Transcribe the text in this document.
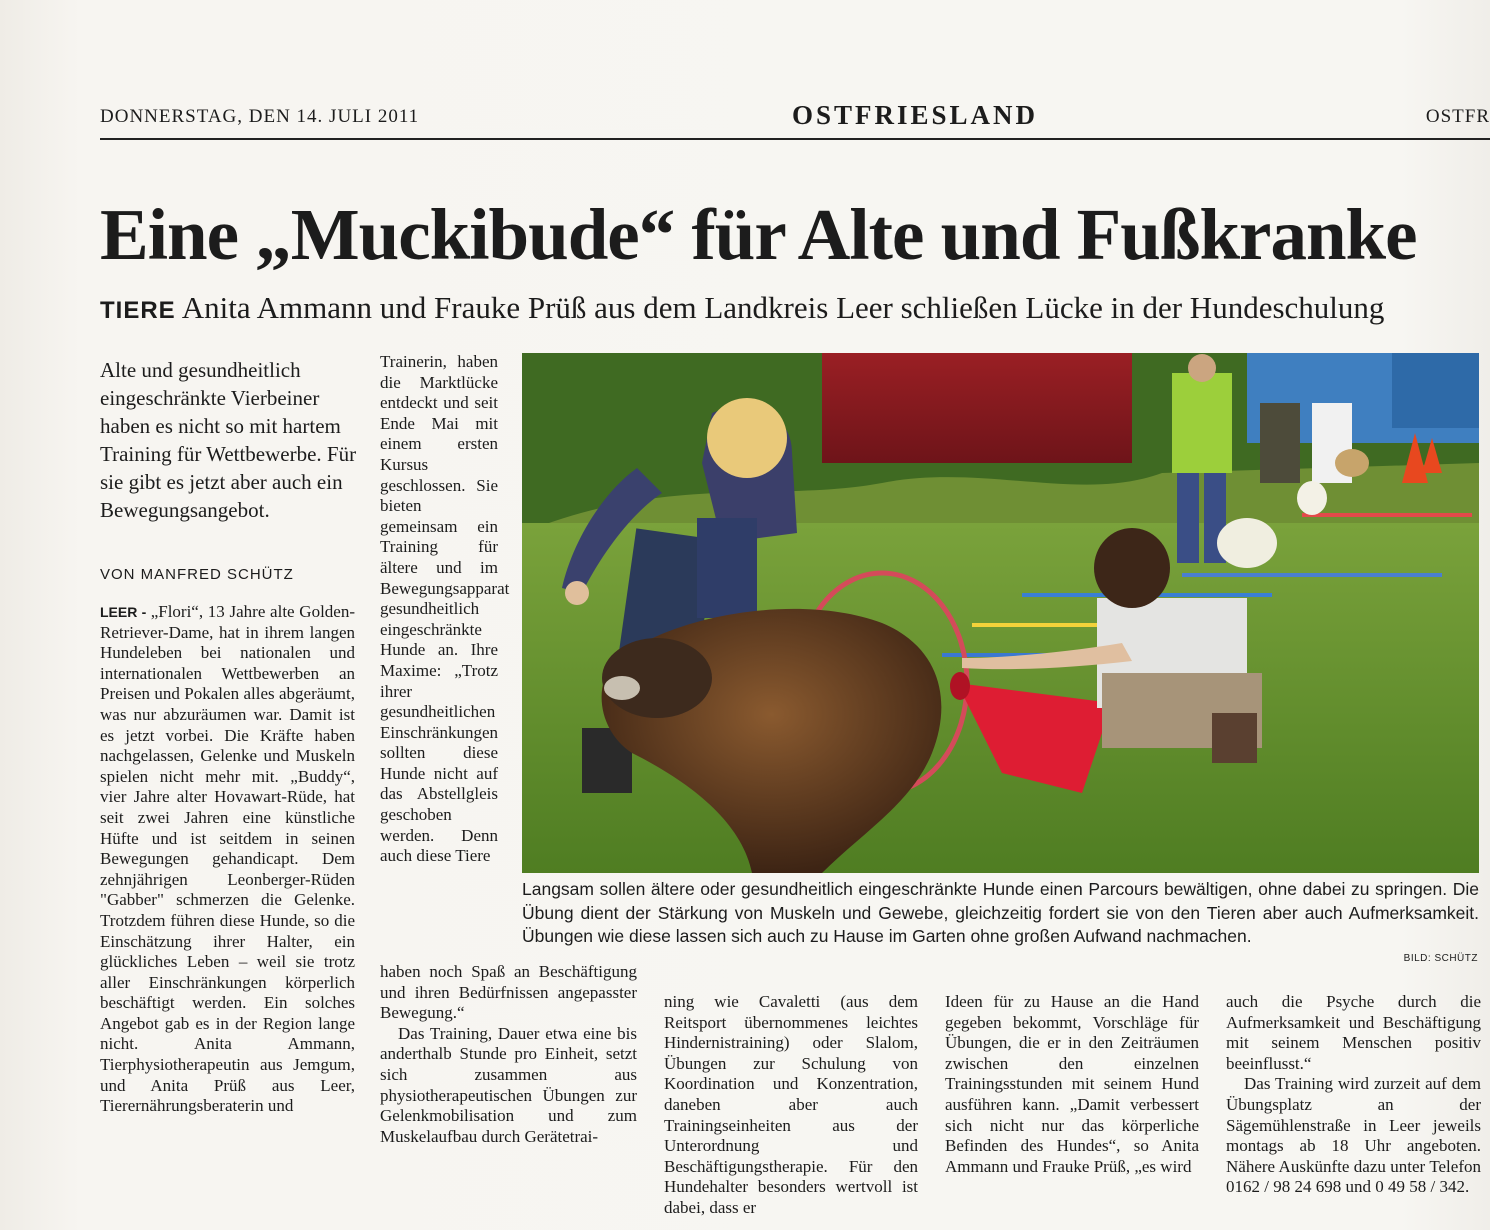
DONNERSTAG, DEN 14. JULI 2011	OSTFRIESLAND	OSTFR
Eine „Muckibude“ für Alte und Fußkranke
TIERE Anita Ammann und Frauke Prüß aus dem Landkreis Leer schließen Lücke in der Hundeschulung

Alte und gesundheitlich eingeschränkte Vierbeiner haben es nicht so mit hartem Training für Wettbewerbe. Für sie gibt es jetzt aber auch ein Bewegungsangebot.

VON MANFRED SCHÜTZ
LEER - „Flori“, 13 Jahre alte Golden-Retriever-Dame, hat in ihrem langen Hundeleben bei nationalen und internationalen Wettbewerben an Preisen und Pokalen alles abgeräumt, was nur abzuräumen war. Damit ist es jetzt vorbei. Die Kräfte haben nachgelassen, Gelenke und Muskeln spielen nicht mehr mit. „Buddy“, vier Jahre alter Hovawart-Rüde, hat seit zwei Jahren eine künstliche Hüfte und ist seitdem in seinen Bewegungen gehandicapt. Dem zehnjährigen Leonberger-Rüden "Gabber" schmerzen die Gelenke. Trotzdem führen diese Hunde, so die Einschätzung ihrer Halter, ein glückliches Leben – weil sie trotz aller Einschränkungen körperlich beschäftigt werden. Ein solches Angebot gab es in der Region lange nicht. Anita Ammann, Tierphysiotherapeutin aus Jemgum, und Anita Prüß aus Leer, Tierernährungsberaterin und
Trainerin, haben die Marktlücke entdeckt und seit Ende Mai mit einem ersten Kursus geschlossen. Sie bieten gemeinsam ein Training für ältere und im Bewegungsapparat gesundheitlich eingeschränkte Hunde an. Ihre Maxime: „Trotz ihrer gesundheitlichen Einschränkungen sollten diese Hunde nicht auf das Abstellgleis geschoben werden. Denn auch diese Tiere
haben noch Spaß an Beschäftigung und ihren Bedürfnissen angepasster Bewegung.“
Das Training, Dauer etwa eine bis anderthalb Stunde pro Einheit, setzt sich zusammen aus physiotherapeutischen Übungen zur Gelenkmobilisation und zum Muskelaufbau durch Gerätetrai-
ning wie Cavaletti (aus dem Reitsport übernommenes leichtes Hindernistraining) oder Slalom, Übungen zur Schulung von Koordination und Konzentration, daneben aber auch Trainingseinheiten aus der Unterordnung und Beschäftigungstherapie. Für den Hundehalter besonders wertvoll ist dabei, dass er
Ideen für zu Hause an die Hand gegeben bekommt, Vorschläge für Übungen, die er in den Zeiträumen zwischen den einzelnen Trainingsstunden mit seinem Hund ausführen kann. „Damit verbessert sich nicht nur das körperliche Befinden des Hundes“, so Anita Ammann und Frauke Prüß, „es wird
auch die Psyche durch die Aufmerksamkeit und Beschäftigung mit seinem Menschen positiv beeinflusst.“
Das Training wird zurzeit auf dem Übungsplatz an der Sägemühlenstraße in Leer jeweils montags ab 18 Uhr angeboten. Nähere Auskünfte dazu unter Telefon 0162 / 98 24 698 und 0 49 58 / 342.

Langsam sollen ältere oder gesundheitlich eingeschränkte Hunde einen Parcours bewältigen, ohne dabei zu springen. Die Übung dient der Stärkung von Muskeln und Gewebe, gleichzeitig fordert sie von den Tieren aber auch Aufmerksamkeit. Übungen wie diese lassen sich auch zu Hause im Garten ohne großen Aufwand nachmachen.

BILD: SCHÜTZ
